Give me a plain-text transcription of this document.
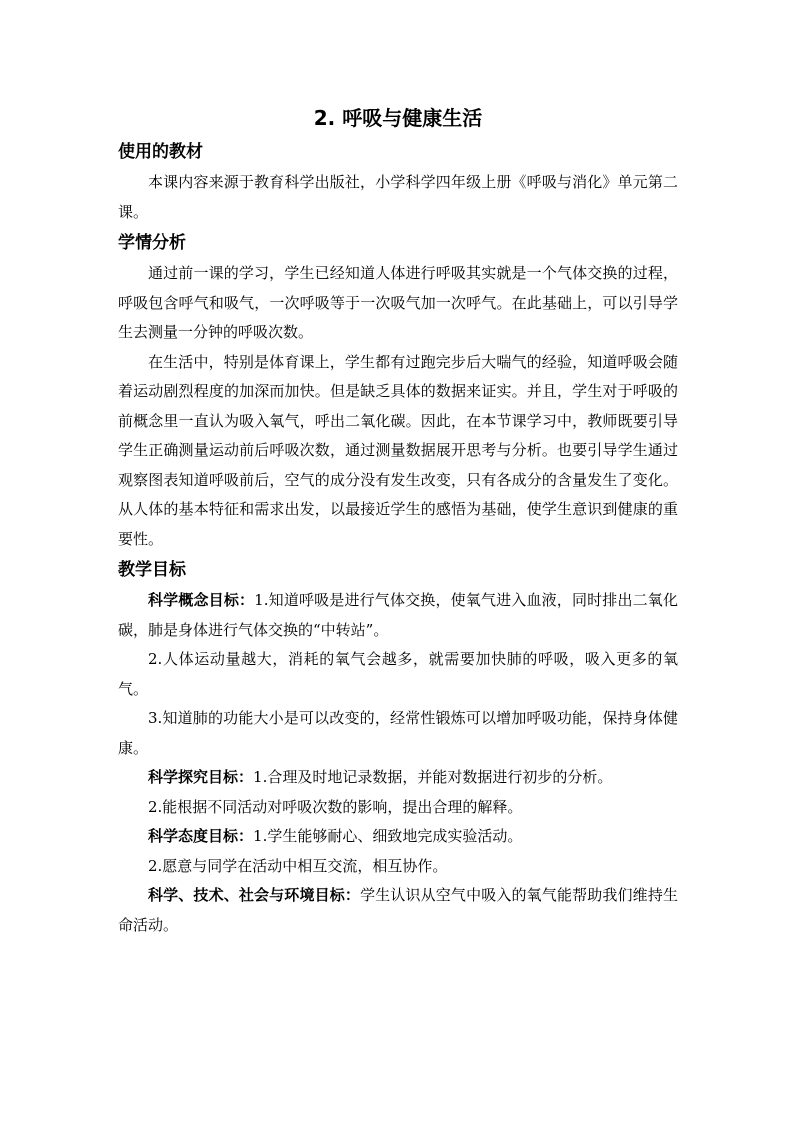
2. 呼吸与健康生活
使用的教材

本课内容来源于教育科学出版社，小学科学四年级上册《呼吸与消化》单元第二课。

学情分析

通过前一课的学习，学生已经知道人体进行呼吸其实就是一个气体交换的过程，呼吸包含呼气和吸气，一次呼吸等于一次吸气加一次呼气。在此基础上，可以引导学生去测量一分钟的呼吸次数。

在生活中，特别是体育课上，学生都有过跑完步后大喘气的经验，知道呼吸会随着运动剧烈程度的加深而加快。但是缺乏具体的数据来证实。并且，学生对于呼吸的前概念里一直认为吸入氧气，呼出二氧化碳。因此，在本节课学习中，教师既要引导学生正确测量运动前后呼吸次数，通过测量数据展开思考与分析。也要引导学生通过观察图表知道呼吸前后，空气的成分没有发生改变，只有各成分的含量发生了变化。从人体的基本特征和需求出发，以最接近学生的感悟为基础，使学生意识到健康的重要性。

教学目标

科学概念目标：1.知道呼吸是进行气体交换，使氧气进入血液，同时排出二氧化碳，肺是身体进行气体交换的“中转站”。

2.人体运动量越大，消耗的氧气会越多，就需要加快肺的呼吸，吸入更多的氧气。

3.知道肺的功能大小是可以改变的，经常性锻炼可以增加呼吸功能，保持身体健康。

科学探究目标：1.合理及时地记录数据，并能对数据进行初步的分析。

2.能根据不同活动对呼吸次数的影响，提出合理的解释。

科学态度目标：1.学生能够耐心、细致地完成实验活动。

2.愿意与同学在活动中相互交流，相互协作。

科学、技术、社会与环境目标：学生认识从空气中吸入的氧气能帮助我们维持生命活动。
